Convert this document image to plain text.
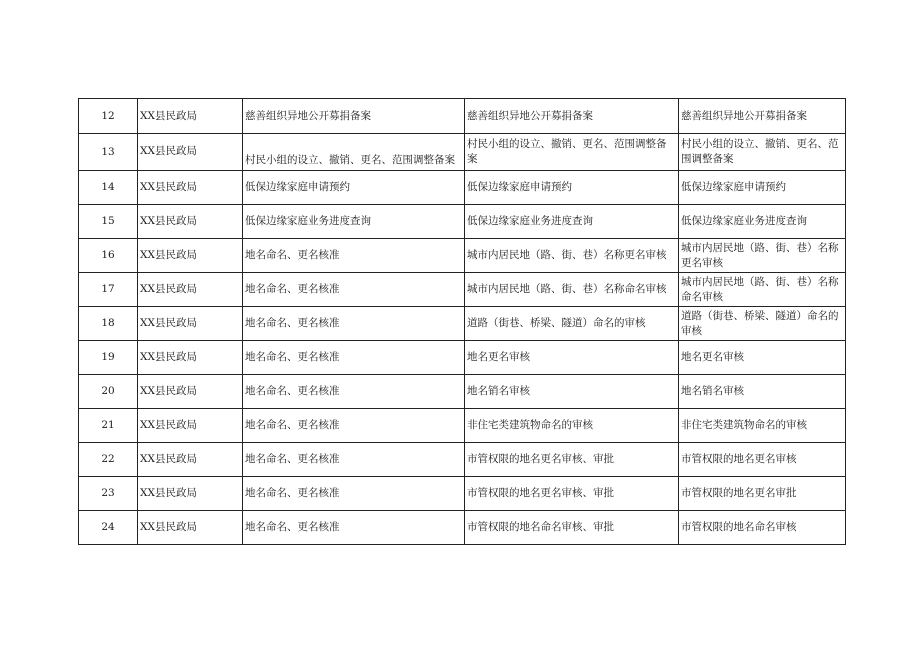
12	XX县民政局	慈善组织异地公开募捐备案	慈善组织异地公开募捐备案	慈善组织异地公开募捐备案
13	XX县民政局	村民小组的设立、撤销、更名、范围调整备案	村民小组的设立、撤销、更名、范围调整备案	村民小组的设立、撤销、更名、范围调整备案
14	XX县民政局	低保边缘家庭申请预约	低保边缘家庭申请预约	低保边缘家庭申请预约
15	XX县民政局	低保边缘家庭业务进度查询	低保边缘家庭业务进度查询	低保边缘家庭业务进度查询
16	XX县民政局	地名命名、更名核准	城市内居民地（路、街、巷）名称更名审核	城市内居民地（路、街、巷）名称更名审核
17	XX县民政局	地名命名、更名核准	城市内居民地（路、街、巷）名称命名审核	城市内居民地（路、街、巷）名称命名审核
18	XX县民政局	地名命名、更名核准	道路（街巷、桥梁、隧道）命名的审核	道路（街巷、桥梁、隧道）命名的审核
19	XX县民政局	地名命名、更名核准	地名更名审核	地名更名审核
20	XX县民政局	地名命名、更名核准	地名销名审核	地名销名审核
21	XX县民政局	地名命名、更名核准	非住宅类建筑物命名的审核	非住宅类建筑物命名的审核
22	XX县民政局	地名命名、更名核准	市管权限的地名更名审核、审批	市管权限的地名更名审核
23	XX县民政局	地名命名、更名核准	市管权限的地名更名审核、审批	市管权限的地名更名审批
24	XX县民政局	地名命名、更名核准	市管权限的地名命名审核、审批	市管权限的地名命名审核
